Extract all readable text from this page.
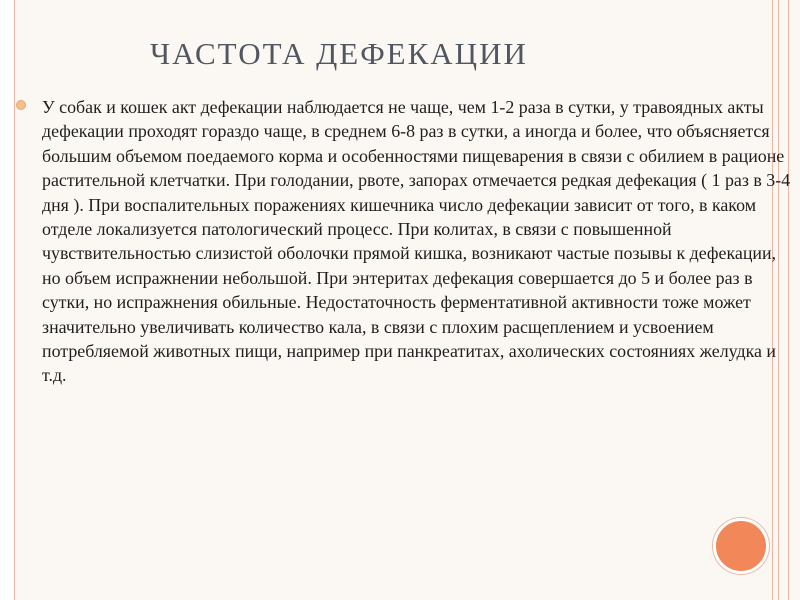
ЧАСТОТА ДЕФЕКАЦИИ

У собак и кошек акт дефекации наблюдается не чаще, чем 1-2 раза в сутки, у травоядных акты дефекации проходят гораздо чаще, в среднем 6-8 раз в сутки, а иногда и более, что объясняется большим объемом поедаемого корма и особенностями пищеварения в связи с обилием в рационе растительной клетчатки. При голодании, рвоте, запорах отмечается редкая дефекация ( 1 раз в 3-4 дня ). При воспалительных поражениях кишечника число дефекации зависит от того, в каком отделе локализуется патологический процесс. При колитах, в связи с повышенной чувствительностью слизистой оболочки прямой кишка, возникают частые позывы к дефекации, но объем испражнении небольшой. При энтеритах дефекация совершается до 5 и более раз в сутки, но испражнения обильные. Недостаточность ферментативной активности тоже может значительно увеличивать количество кала, в связи с плохим расщеплением и усвоением потребляемой животных пищи, например при панкреатитах, ахолических состояниях желудка и т.д.
